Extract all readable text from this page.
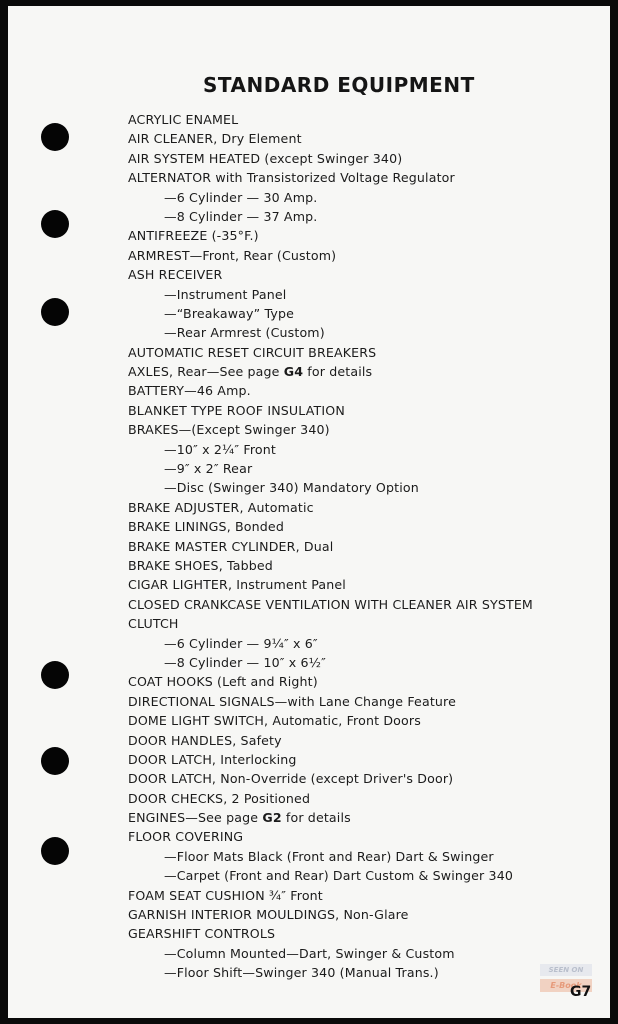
STANDARD EQUIPMENT
ACRYLIC ENAMEL
AIR CLEANER, Dry Element
AIR SYSTEM HEATED (except Swinger 340)
ALTERNATOR with Transistorized Voltage Regulator
—6 Cylinder — 30 Amp.
—8 Cylinder — 37 Amp.
ANTIFREEZE (-35°F.)
ARMREST—Front, Rear (Custom)
ASH RECEIVER
—Instrument Panel
—“Breakaway” Type
—Rear Armrest (Custom)
AUTOMATIC RESET CIRCUIT BREAKERS
AXLES, Rear—See page G4 for details
BATTERY—46 Amp.
BLANKET TYPE ROOF INSULATION
BRAKES—(Except Swinger 340)
—10″ x 2¼″ Front
—9″ x 2″ Rear
—Disc (Swinger 340) Mandatory Option
BRAKE ADJUSTER, Automatic
BRAKE LININGS, Bonded
BRAKE MASTER CYLINDER, Dual
BRAKE SHOES, Tabbed
CIGAR LIGHTER, Instrument Panel
CLOSED CRANKCASE VENTILATION WITH CLEANER AIR SYSTEM
CLUTCH
—6 Cylinder — 9¼″ x 6″
—8 Cylinder — 10″ x 6½″
COAT HOOKS (Left and Right)
DIRECTIONAL SIGNALS—with Lane Change Feature
DOME LIGHT SWITCH, Automatic, Front Doors
DOOR HANDLES, Safety
DOOR LATCH, Interlocking
DOOR LATCH, Non-Override (except Driver's Door)
DOOR CHECKS, 2 Positioned
ENGINES—See page G2 for details
FLOOR COVERING
—Floor Mats Black (Front and Rear) Dart & Swinger
—Carpet (Front and Rear) Dart Custom & Swinger 340
FOAM SEAT CUSHION ¾″ Front
GARNISH INTERIOR MOULDINGS, Non-Glare
GEARSHIFT CONTROLS
—Column Mounted—Dart, Swinger & Custom
—Floor Shift—Swinger 340 (Manual Trans.)	SEEN ON
E-Book
G7
